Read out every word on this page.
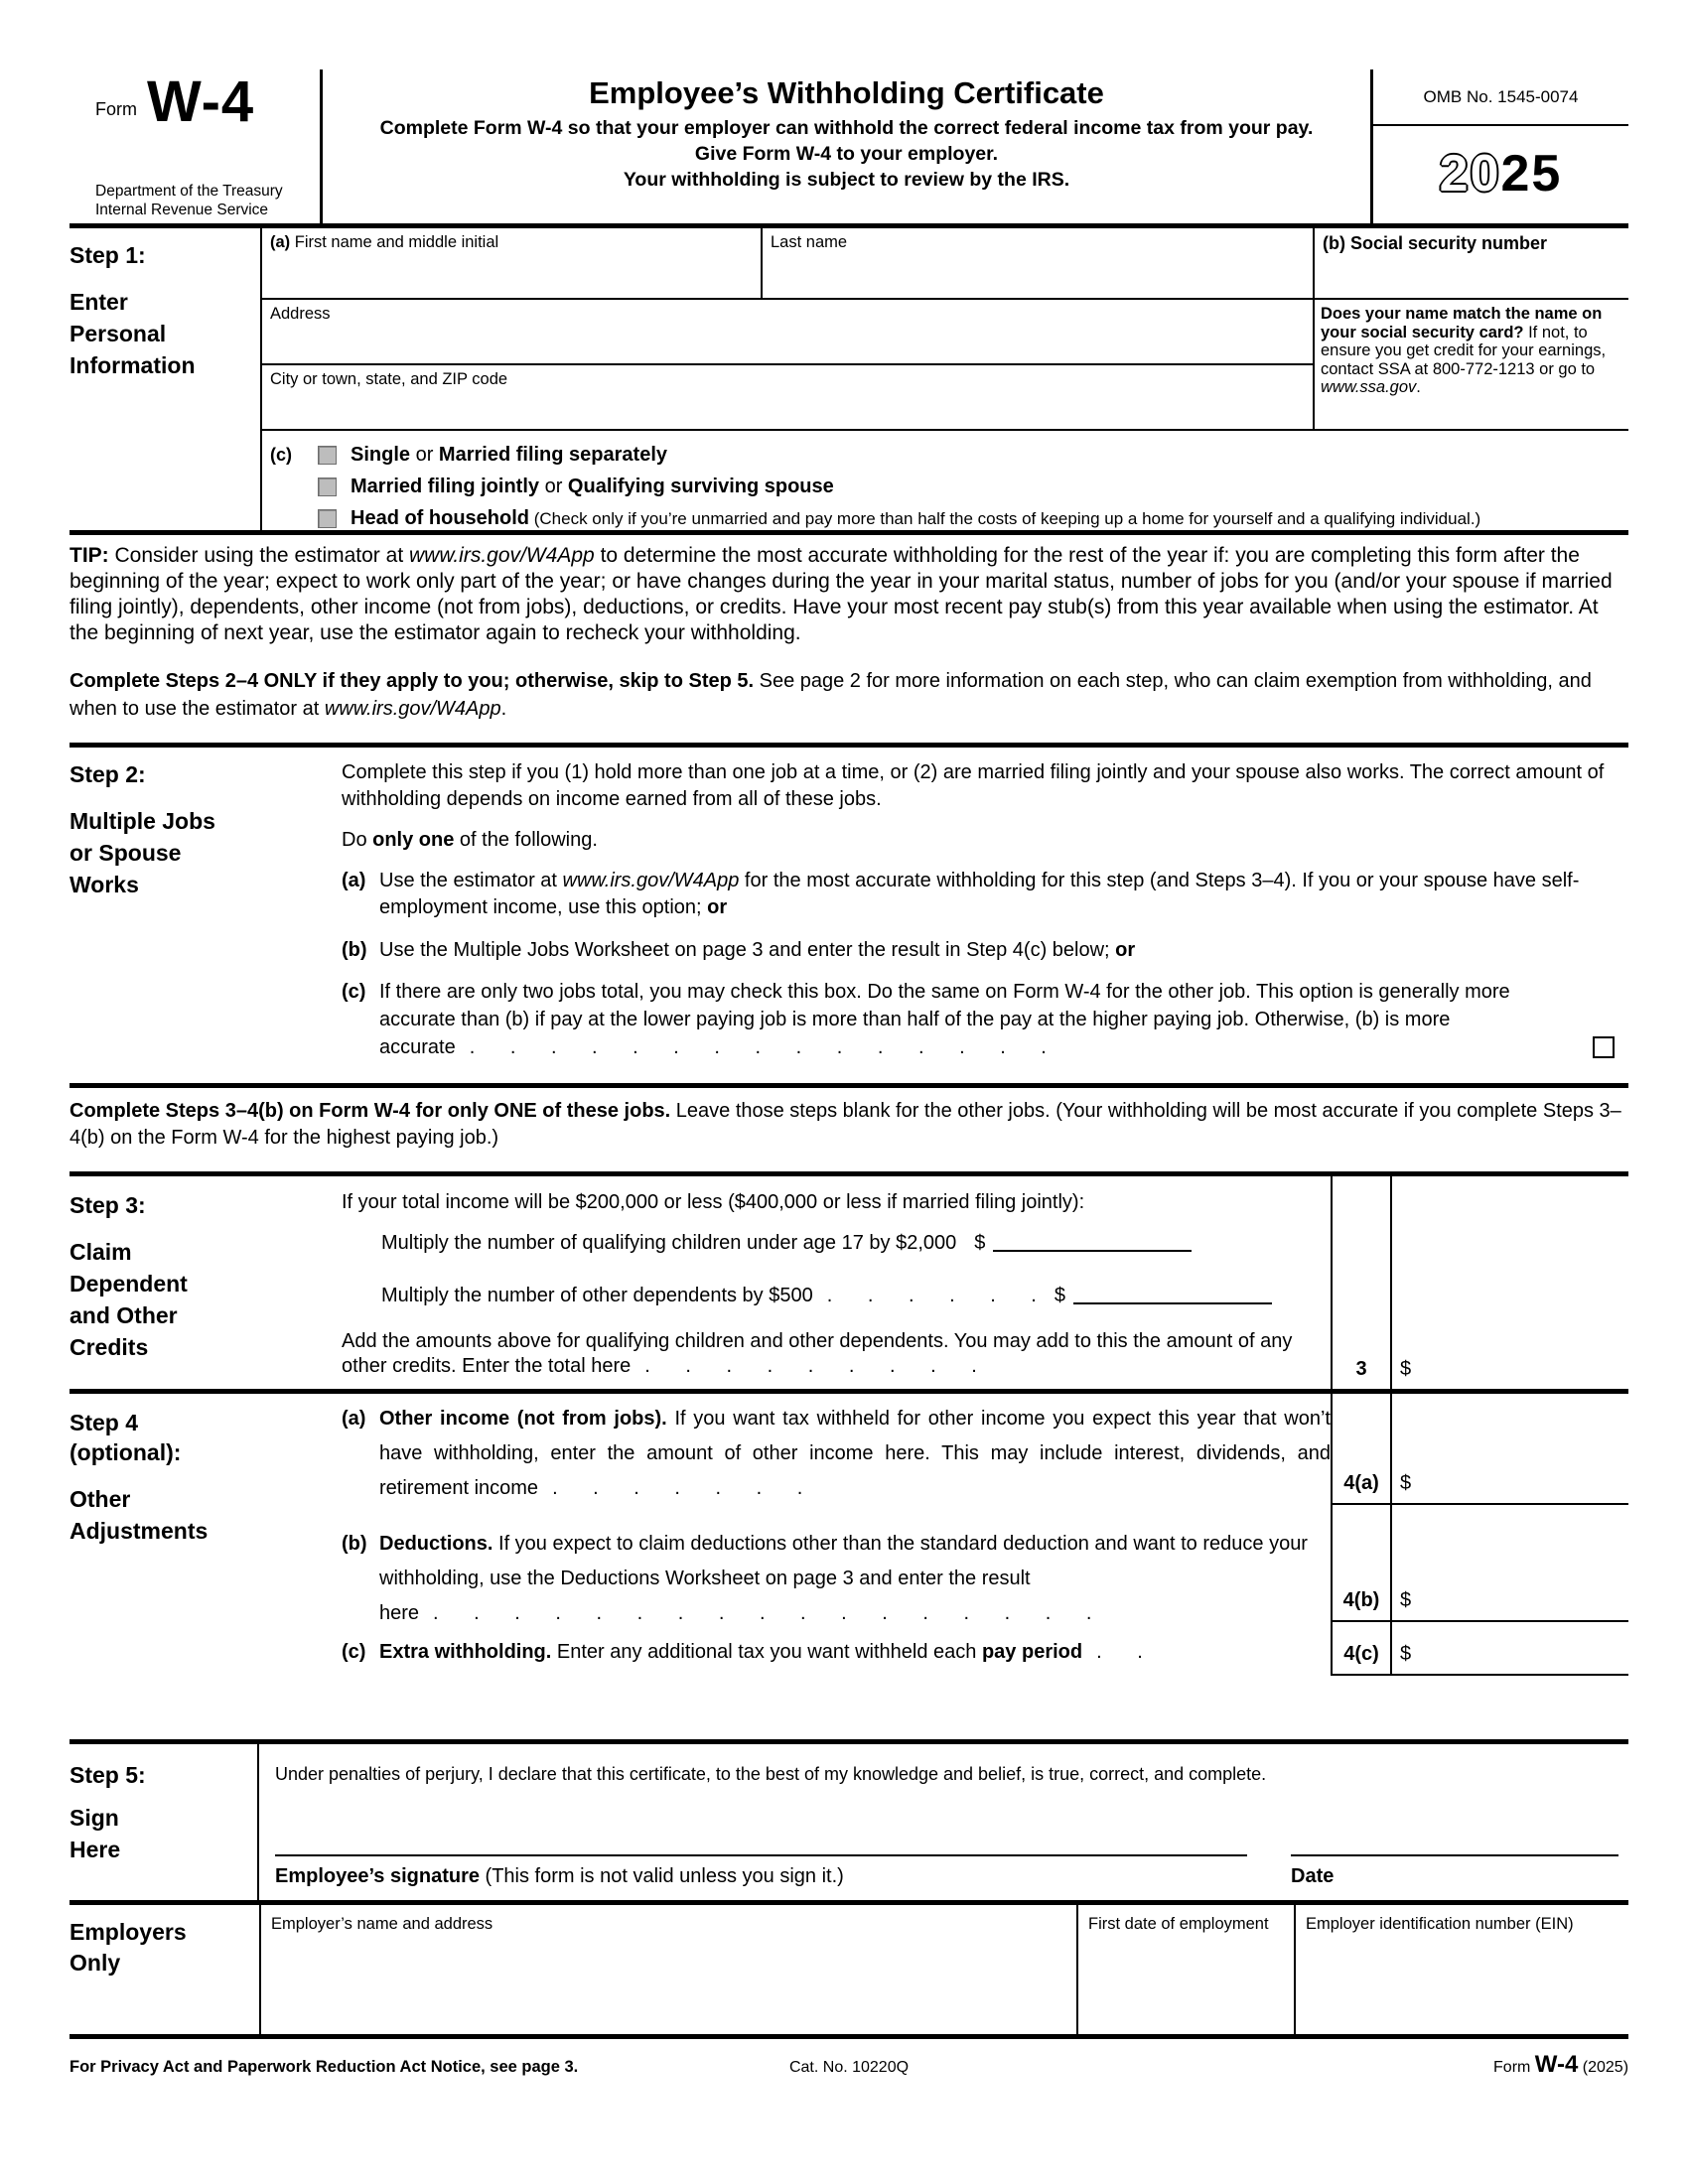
Form W-4
Department of the Treasury
Internal Revenue Service
Employee’s Withholding Certificate
Complete Form W-4 so that your employer can withhold the correct federal income tax from your pay.
Give Form W-4 to your employer.
Your withholding is subject to review by the IRS.
OMB No. 1545-0074
20 25
Step 1:
Enter Personal Information
(a) First name and middle initial	Last name	(b) Social security number
Address	Does your name match the name on your social security card? If not, to ensure you get credit for your earnings, contact SSA at 800-772-1213 or go to www.ssa.gov.
City or town, state, and ZIP code
(c)	Single or Married filing separately
Married filing jointly or Qualifying surviving spouse
Head of household (Check only if you’re unmarried and pay more than half the costs of keeping up a home for yourself and a qualifying individual.)

TIP: Consider using the estimator at www.irs.gov/W4App to determine the most accurate withholding for the rest of the year if: you are completing this form after the beginning of the year; expect to work only part of the year; or have changes during the year in your marital status, number of jobs for you (and/or your spouse if married filing jointly), dependents, other income (not from jobs), deductions, or credits. Have your most recent pay stub(s) from this year available when using the estimator. At the beginning of next year, use the estimator again to recheck your withholding.

Complete Steps 2–4 ONLY if they apply to you; otherwise, skip to Step 5. See page 2 for more information on each step, who can claim exemption from withholding, and when to use the estimator at www.irs.gov/W4App.

Step 2:
Multiple Jobs or Spouse Works

Complete this step if you (1) hold more than one job at a time, or (2) are married filing jointly and your spouse also works. The correct amount of withholding depends on income earned from all of these jobs.

Do only one of the following.

(a) Use the estimator at www.irs.gov/W4App for the most accurate withholding for this step (and Steps 3–4). If you or your spouse have self-employment income, use this option; or
(b) Use the Multiple Jobs Worksheet on page 3 and enter the result in Step 4(c) below; or
(c) If there are only two jobs total, you may check this box. Do the same on Form W-4 for the other job. This option is generally more accurate than (b) if pay at the lower paying job is more than half of the pay at the higher paying job. Otherwise, (b) is more accurate . . . . . . . . . . . . . . .

Complete Steps 3–4(b) on Form W-4 for only ONE of these jobs. Leave those steps blank for the other jobs. (Your withholding will be most accurate if you complete Steps 3–4(b) on the Form W-4 for the highest paying job.)

Step 3:
Claim Dependent and Other Credits
If your total income will be $200,000 or less ($400,000 or less if married filing jointly):
Multiply the number of qualifying children under age 17 by $2,000 $
Multiply the number of other dependents by $500 . . . . . . $
Add the amounts above for qualifying children and other dependents. You may add to this the amount of any other credits. Enter the total here . . . . . . . . .	3	$
Step 4 (optional):
Other Adjustments
(a) Other income (not from jobs). If you want tax withheld for other income you expect this year that won’t have withholding, enter the amount of other income here. This may include interest, dividends, and retirement income . . . . . . .	4(a)	$
(b) Deductions. If you expect to claim deductions other than the standard deduction and want to reduce your withholding, use the Deductions Worksheet on page 3 and enter the result here . . . . . . . . . . . . . . . . .
4(b)	$
(c) Extra withholding. Enter any additional tax you want withheld each pay period . .	4(c)	$
Step 5:
Sign Here
Under penalties of perjury, I declare that this certificate, to the best of my knowledge and belief, is true, correct, and complete.
Employee’s signature (This form is not valid unless you sign it.)	Date
Employers Only
Employer’s name and address	First date of employment	Employer identification number (EIN)
For Privacy Act and Paperwork Reduction Act Notice, see page 3.	Cat. No. 10220Q	Form W-4 (2025)
